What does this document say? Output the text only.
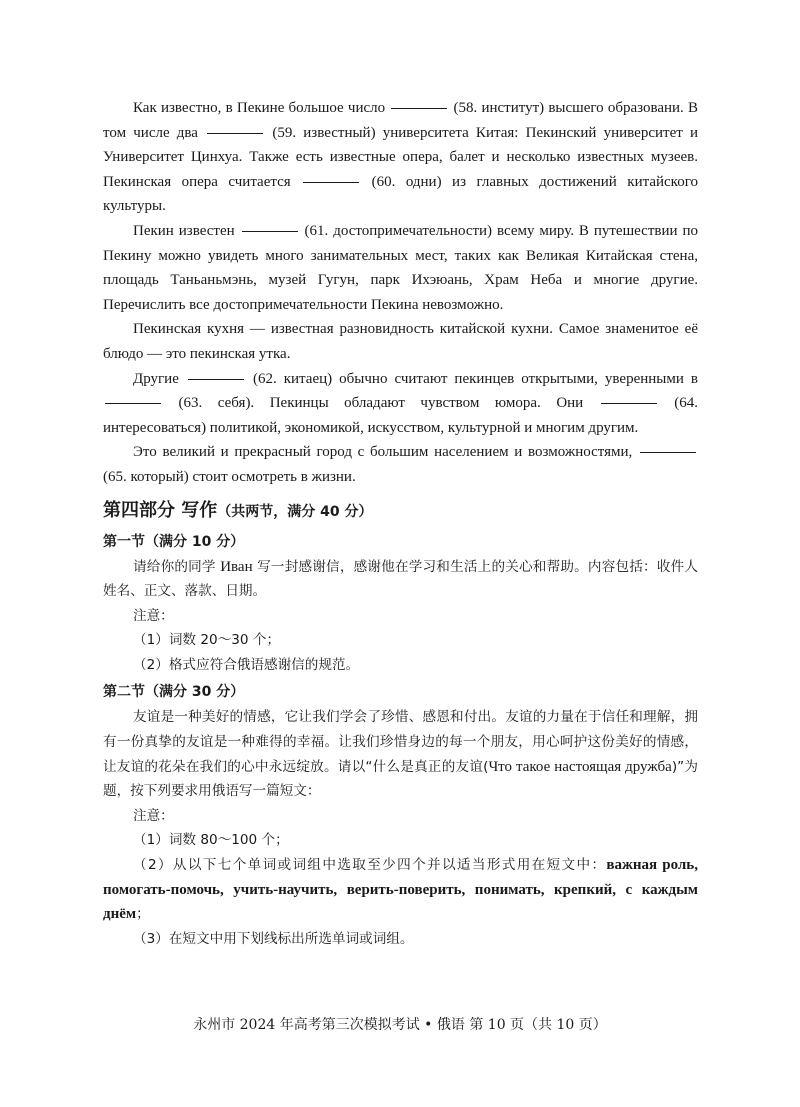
Как известно, в Пекине большое число	(58. институт) высшего образовани. В том числе два	(59. известный) университета Китая: Пекинский университет и Университет Цинхуа. Также есть известные опера, балет и несколько известных музеев. Пекинская опера считается	(60. одни) из главных достижений китайского культуры.

Пекин известен	(61. достопримечательности) всему миру. В путешествии по Пекину можно увидеть много занимательных мест, таких как Великая Китайская стена, площадь Таньаньмэнь, музей Гугун, парк Ихэюань, Храм Неба и многие другие. Перечислить все достопримечательности Пекина невозможно.

Пекинская кухня — известная разновидность китайской кухни. Самое знаменитое её блюдо — это пекинская утка.

Другие	(62. китаец) обычно считают пекинцев открытыми, уверенными в  (63. себя). Пекинцы обладают чувством юмора. Они	(64. интересоваться) политикой, экономикой, искусством, культурной и многим другим.

Это великий и прекрасный город с большим населением и возможностями,  (65. который) стоит осмотреть в жизни.

第四部分 写作（共两节，满分 40 分）
第一节（满分 10 分）

请给你的同学 Иван 写一封感谢信，感谢他在学习和生活上的关心和帮助。内容包括：收件人姓名、正文、落款、日期。

注意：

（1）词数 20～30 个；

（2）格式应符合俄语感谢信的规范。

第二节（满分 30 分）

友谊是一种美好的情感，它让我们学会了珍惜、感恩和付出。友谊的力量在于信任和理解，拥有一份真挚的友谊是一种难得的幸福。让我们珍惜身边的每一个朋友，用心呵护这份美好的情感，让友谊的花朵在我们的心中永远绽放。请以“什么是真正的友谊(Что такое настоящая дружба)”为题，按下列要求用俄语写一篇短文：

注意：

（1）词数 80～100 个；

（2）从以下七个单词或词组中选取至少四个并以适当形式用在短文中：важная роль, помогать-помочь, учить-научить, верить-поверить, понимать, крепкий, с каждым днём；

（3）在短文中用下划线标出所选单词或词组。

永州市 2024 年高考第三次模拟考试 • 俄语 第 10 页（共 10 页）
